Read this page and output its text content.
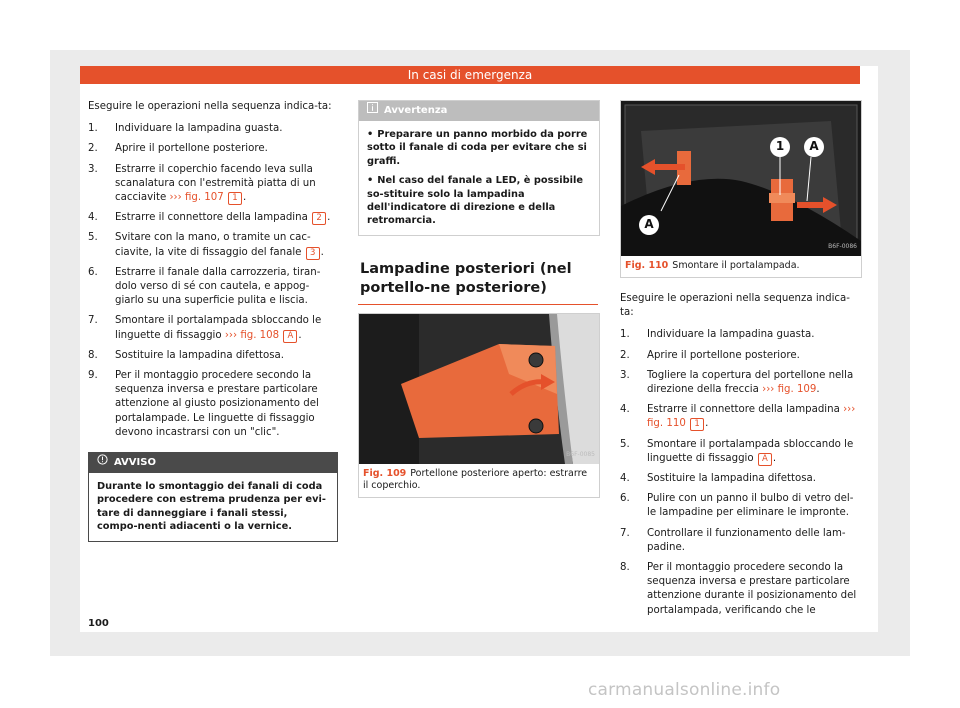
In casi di emergenza

Eseguire le operazioni nella sequenza indica-ta:

1. Individuare la lampadina guasta.
2. Aprire il portellone posteriore.
3. Estrarre il coperchio facendo leva sulla scanalatura con l'estremità piatta di un cacciavite ››› fig. 107 1 .
4. Estrarre il connettore della lampadina 2 .
5. Svitare con la mano, o tramite un cac-ciavite, la vite di fissaggio del fanale 3 .
6. Estrarre il fanale dalla carrozzeria, tiran-dolo verso di sé con cautela, e appog-giarlo su una superficie pulita e liscia.
7. Smontare il portalampada sbloccando le linguette di fissaggio ››› fig. 108 A .
8. Sostituire la lampadina difettosa.
9. Per il montaggio procedere secondo la sequenza inversa e prestare particolare attenzione al giusto posizionamento del portalampade. Le linguette di fissaggio devono incastrarsi con un "clic".
AVVISO
Durante lo smontaggio dei fanali di coda procedere con estrema prudenza per evi-tare di danneggiare i fanali stessi, compo-nenti adiacenti o la vernice.
Avvertenza
• Preparare un panno morbido da porre sotto il fanale di coda per evitare che si graffi.
• Nel caso del fanale a LED, è possibile so-stituire solo la lampadina dell'indicatore di direzione e della retromarcia.
Lampadine posteriori (nel portello-ne posteriore)
B6F-0085
Fig. 109 Portellone posteriore aperto: estrarre il coperchio.
1	A
A
B6F-0086
Fig. 110 Smontare il portalampada.

Eseguire le operazioni nella sequenza indica-ta:

1. Individuare la lampadina guasta.
2. Aprire il portellone posteriore.
3. Togliere la copertura del portellone nella direzione della freccia ››› fig. 109.
4. Estrarre il connettore della lampadina ››› fig. 110 1 .
5. Smontare il portalampada sbloccando le linguette di fissaggio A .
4. Sostituire la lampadina difettosa.
6. Pulire con un panno il bulbo di vetro del-le lampadine per eliminare le impronte.
7. Controllare il funzionamento delle lam-padine.
8. Per il montaggio procedere secondo la sequenza inversa e prestare particolare attenzione durante il posizionamento del portalampada, verificando che le
100
carmanualsonline.info
